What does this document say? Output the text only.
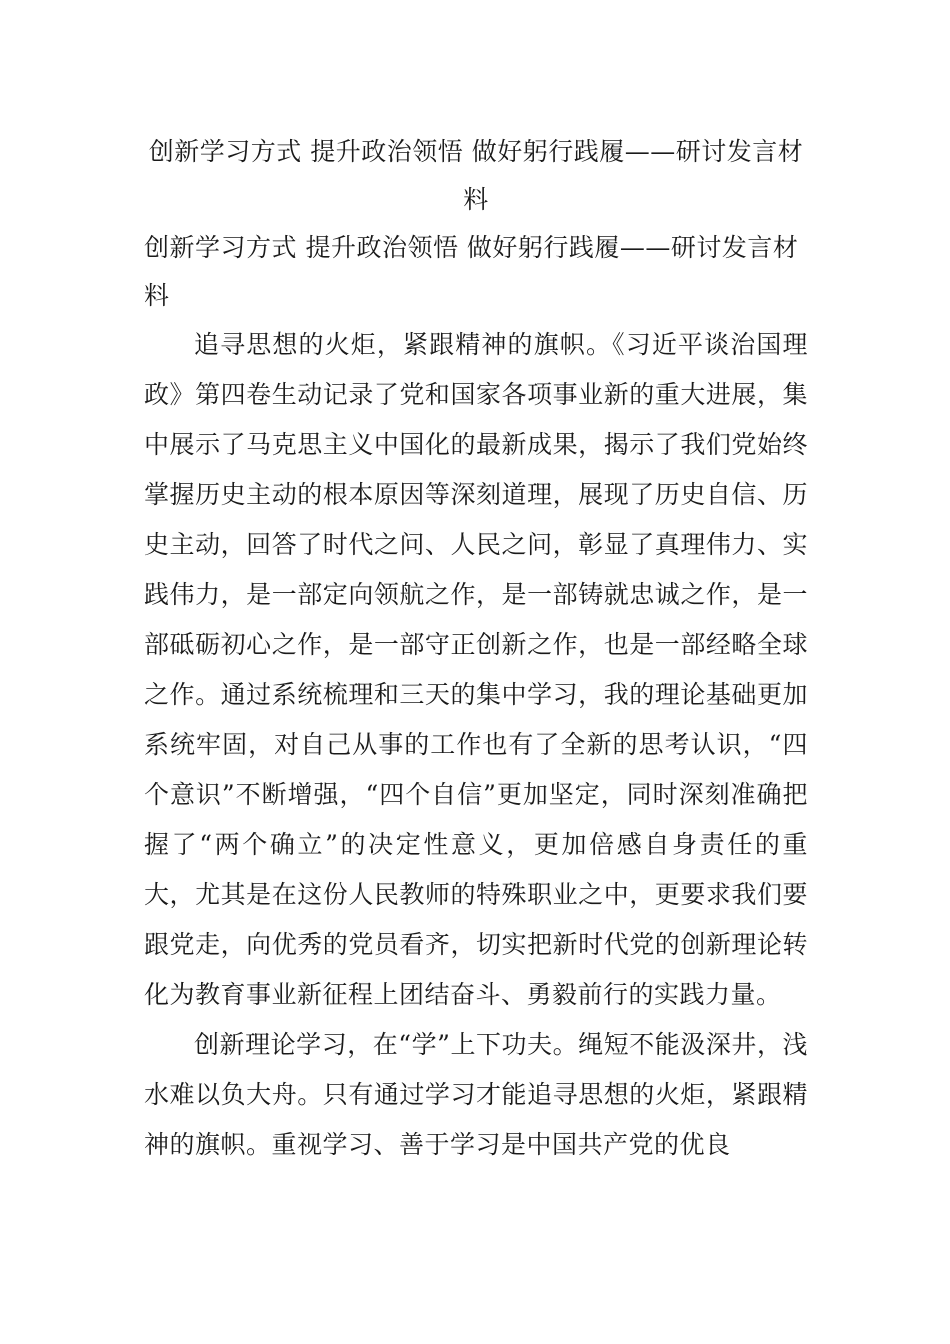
创新学习方式 提升政治领悟 做好躬行践履——研讨发言材料

创新学习方式 提升政治领悟 做好躬行践履——研讨发言材料

追寻思想的火炬，紧跟精神的旗帜。《习近平谈治国理政》第四卷生动记录了党和国家各项事业新的重大进展，集中展示了马克思主义中国化的最新成果，揭示了我们党始终掌握历史主动的根本原因等深刻道理，展现了历史自信、历史主动，回答了时代之问、人民之问，彰显了真理伟力、实践伟力，是一部定向领航之作，是一部铸就忠诚之作，是一部砥砺初心之作，是一部守正创新之作，也是一部经略全球之作。通过系统梳理和三天的集中学习，我的理论基础更加系统牢固，对自己从事的工作也有了全新的思考认识，“四个意识”不断增强，“四个自信”更加坚定，同时深刻准确把握了“两个确立”的决定性意义，更加倍感自身责任的重大，尤其是在这份人民教师的特殊职业之中，更要求我们要跟党走，向优秀的党员看齐，切实把新时代党的创新理论转化为教育事业新征程上团结奋斗、勇毅前行的实践力量。

创新理论学习，在“学”上下功夫。绳短不能汲深井，浅水难以负大舟。只有通过学习才能追寻思想的火炬，紧跟精神的旗帜。重视学习、善于学习是中国共产党的优良
